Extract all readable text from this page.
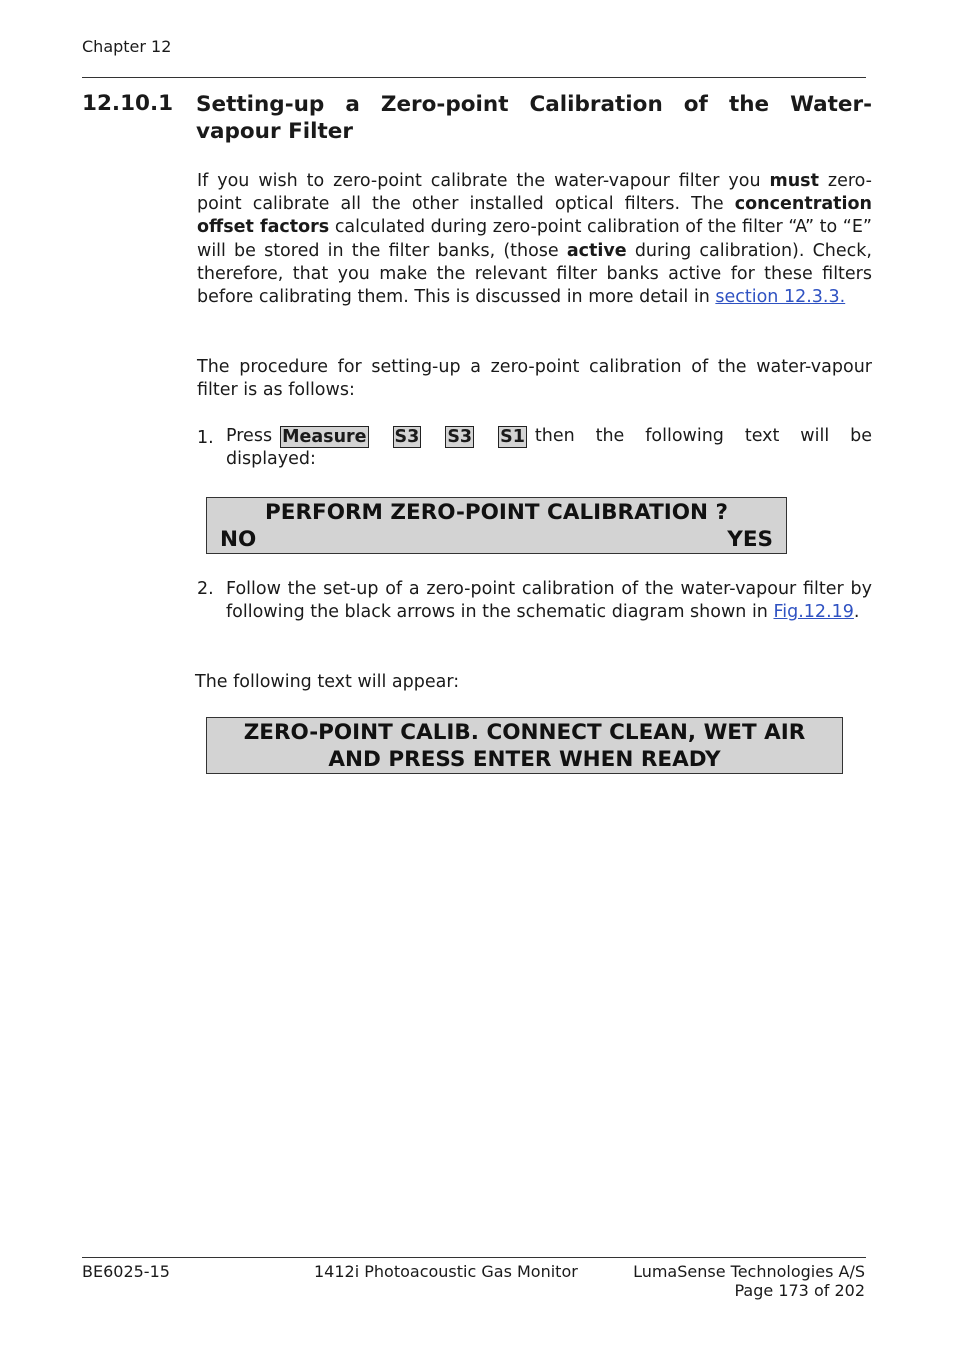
Chapter 12
12.10.1 Setting-up a Zero-point Calibration of the Water-vapour Filter
If you wish to zero-point calibrate the water-vapour filter you must zero-point calibrate all the other installed optical filters. The concentration offset factors calculated during zero-point calibration of the filter “A” to “E” will be stored in the filter banks, (those active during calibration). Check, therefore, that you make the relevant filter banks active for these filters before calibrating them. This is discussed in more detail in section 12.3.3.
The procedure for setting-up a zero-point calibration of the water-vapour filter is as follows:
1. Press Measure S3 S3 S1 then the following text will be
displayed:
PERFORM ZERO-POINT CALIBRATION ?
NO	YES
2. Follow the set-up of a zero-point calibration of the water-vapour filter by following the black arrows in the schematic diagram shown in Fig.12.19.
The following text will appear:
ZERO-POINT CALIB. CONNECT CLEAN, WET AIR
AND PRESS ENTER WHEN READY
BE6025-15	1412i Photoacoustic Gas Monitor	LumaSense Technologies A/S
Page 173 of 202
